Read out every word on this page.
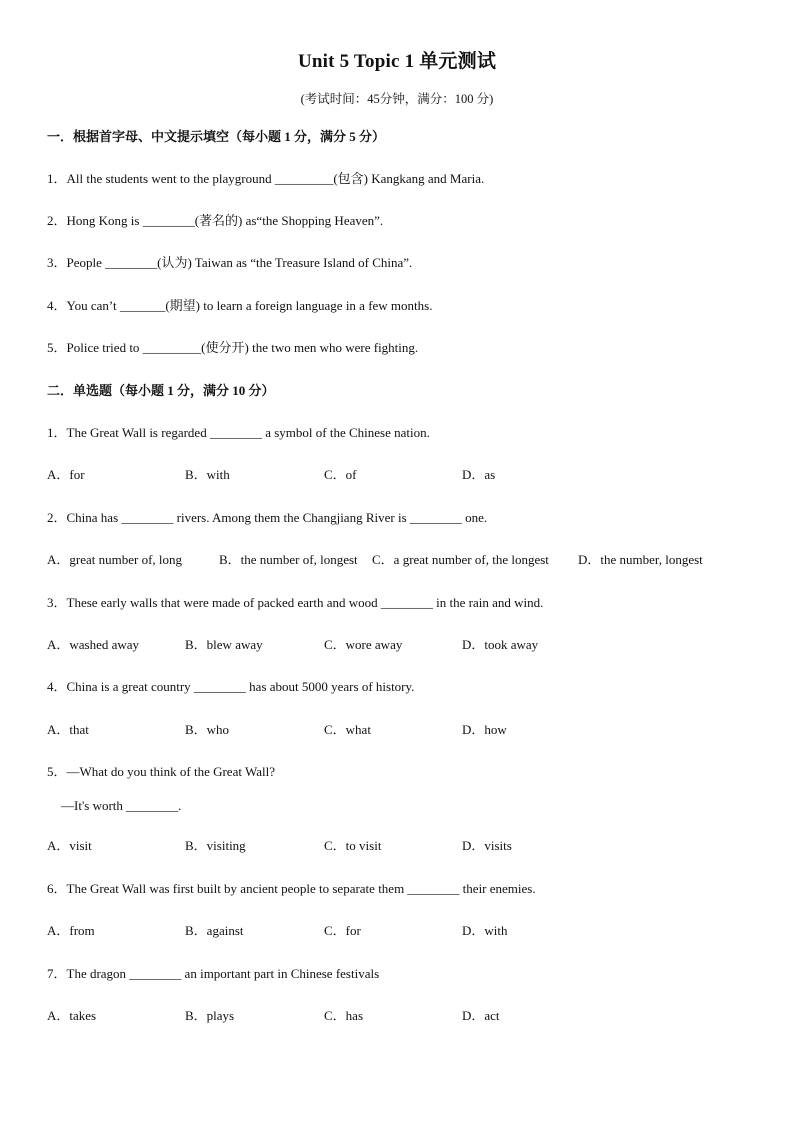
Unit 5 Topic 1 单元测试
(考试时间：45分钟，满分：100 分)
一．根据首字母、中文提示填空（每小题 1 分，满分 5 分）
1．All the students went to the playground _________(包含) Kangkang and Maria.
2．Hong Kong is ________(著名的) as“the Shopping Heaven”.
3．People ________(认为) Taiwan as “the Treasure Island of China”.
4．You can’t _______(期望) to learn a foreign language in a few months.
5．Police tried to _________(使分开) the two men who were fighting.
二．单选题（每小题 1 分，满分 10 分）
1．The Great Wall is regarded ________ a symbol of the Chinese nation.
A．for	B．with	C．of	D．as
2．China has ________ rivers. Among them the Changjiang River is ________ one.
A．great number of, long	B．the number of, longest C．a great number of, the longest D．the number, longest
3．These early walls that were made of packed earth and wood ________ in the rain and wind.
A．washed away	B．blew away	C．wore away	D．took away
4．China is a great country ________ has about 5000 years of history.
A．that	B．who	C．what	D．how
5．—What do you think of the Great Wall?
—It's worth ________.
A．visit	B．visiting	C．to visit	D．visits
6．The Great Wall was first built by ancient people to separate them ________ their enemies.
A．from	B．against	C．for	D．with
7．The dragon ________ an important part in Chinese festivals
A．takes	B．plays	C．has	D．act
